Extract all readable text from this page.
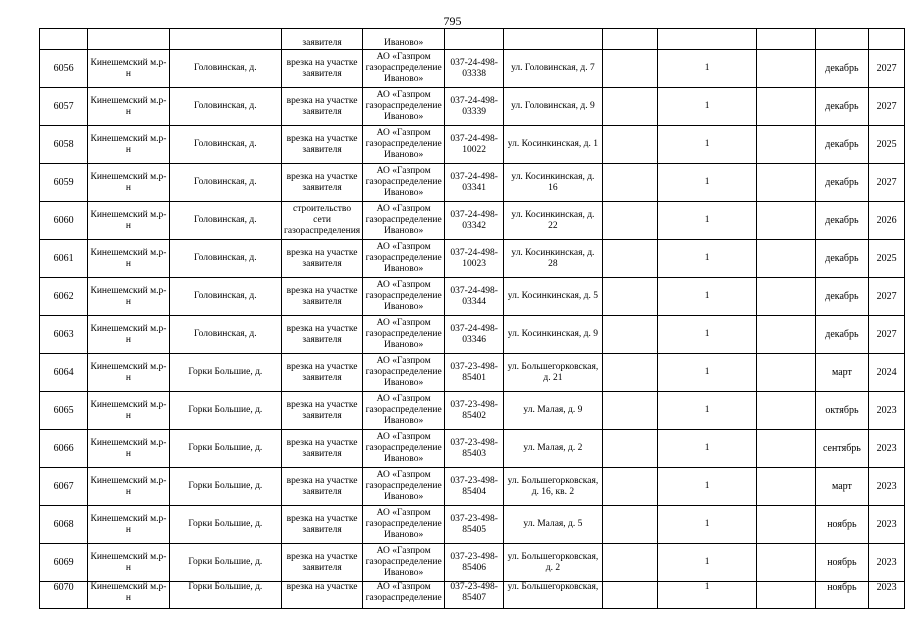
795
			заявителя	Иваново»							
6056	Кинешемский м.р-н	Головинская, д.	врезка на участке заявителя	АО «Газпром газораспределение Иваново»	037-24-498-03338	ул. Головинская, д. 7		1		декабрь	2027
6057	Кинешемский м.р-н	Головинская, д.	врезка на участке заявителя	АО «Газпром газораспределение Иваново»	037-24-498-03339	ул. Головинская, д. 9		1		декабрь	2027
6058	Кинешемский м.р-н	Головинская, д.	врезка на участке заявителя	АО «Газпром газораспределение Иваново»	037-24-498-10022	ул. Косинкинская, д. 1		1		декабрь	2025
6059	Кинешемский м.р-н	Головинская, д.	врезка на участке заявителя	АО «Газпром газораспределение Иваново»	037-24-498-03341	ул. Косинкинская, д. 16		1		декабрь	2027
6060	Кинешемский м.р-н	Головинская, д.	строительство сети газораспределения	АО «Газпром газораспределение Иваново»	037-24-498-03342	ул. Косинкинская, д. 22		1		декабрь	2026
6061	Кинешемский м.р-н	Головинская, д.	врезка на участке заявителя	АО «Газпром газораспределение Иваново»	037-24-498-10023	ул. Косинкинская, д. 28		1		декабрь	2025
6062	Кинешемский м.р-н	Головинская, д.	врезка на участке заявителя	АО «Газпром газораспределение Иваново»	037-24-498-03344	ул. Косинкинская, д. 5		1		декабрь	2027
6063	Кинешемский м.р-н	Головинская, д.	врезка на участке заявителя	АО «Газпром газораспределение Иваново»	037-24-498-03346	ул. Косинкинская, д. 9		1		декабрь	2027
6064	Кинешемский м.р-н	Горки Большие, д.	врезка на участке заявителя	АО «Газпром газораспределение Иваново»	037-23-498-85401	ул. Большегорковская, д. 21		1		март	2024
6065	Кинешемский м.р-н	Горки Большие, д.	врезка на участке заявителя	АО «Газпром газораспределение Иваново»	037-23-498-85402	ул. Малая, д. 9		1		октябрь	2023
6066	Кинешемский м.р-н	Горки Большие, д.	врезка на участке заявителя	АО «Газпром газораспределение Иваново»	037-23-498-85403	ул. Малая, д. 2		1		сентябрь	2023
6067	Кинешемский м.р-н	Горки Большие, д.	врезка на участке заявителя	АО «Газпром газораспределение Иваново»	037-23-498-85404	ул. Большегорковская, д. 16, кв. 2		1		март	2023
6068	Кинешемский м.р-н	Горки Большие, д.	врезка на участке заявителя	АО «Газпром газораспределение Иваново»	037-23-498-85405	ул. Малая, д. 5		1		ноябрь	2023
6069	Кинешемский м.р-н	Горки Большие, д.	врезка на участке заявителя	АО «Газпром газораспределение Иваново»	037-23-498-85406	ул. Большегорковская, д. 2		1		ноябрь	2023
6070	Кинешемский м.р-н	Горки Большие, д.	врезка на участке	АО «Газпром газораспределение	037-23-498-85407	ул. Большегорковская,		1		ноябрь	2023
